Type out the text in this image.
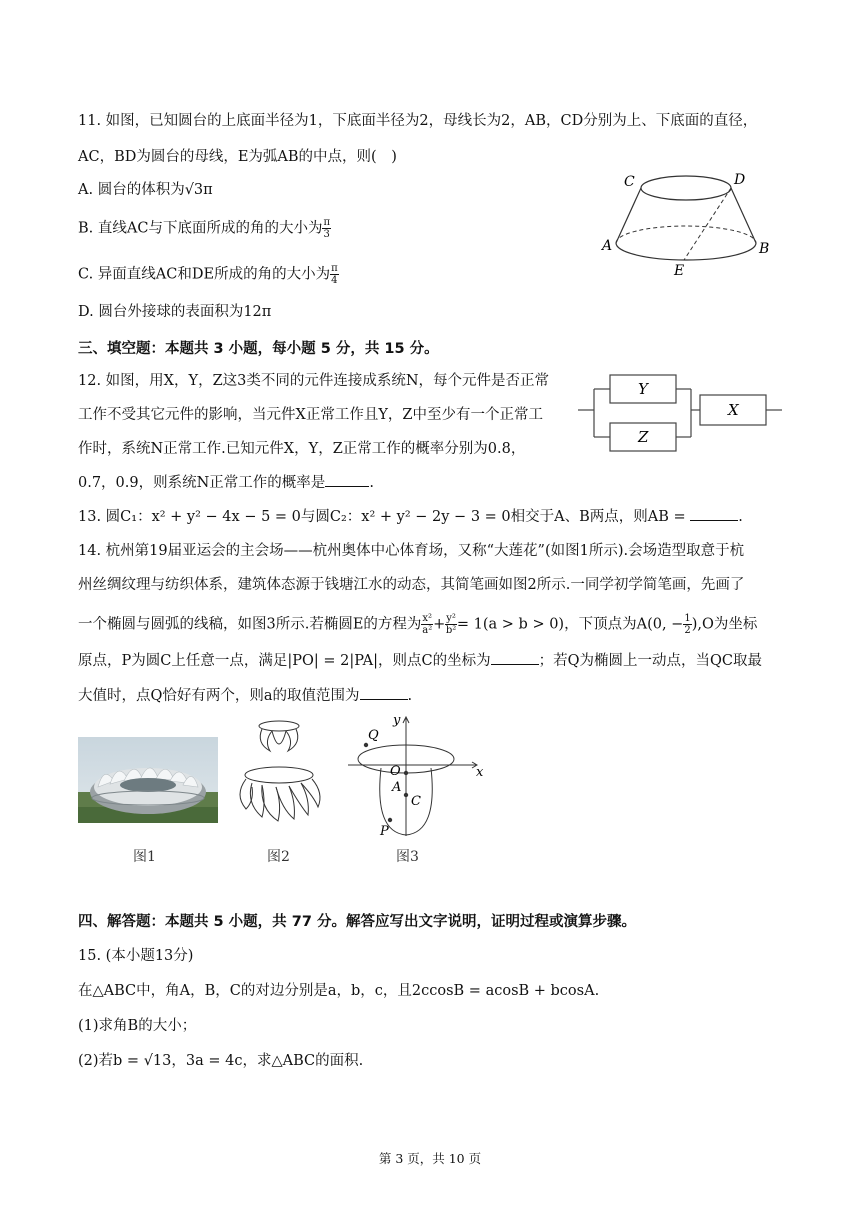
11. 如图，已知圆台的上底面半径为1，下底面半径为2，母线长为2，AB，CD分别为上、下底面的直径，
AC，BD为圆台的母线，E为弧AB的中点，则(　)
A. 圆台的体积为√3π
B. 直线AC与下底面所成的角的大小为 $\frac{\pi}{3}$
C. 异面直线AC和DE所成的角的大小为 $\frac{\pi}{4}$
D. 圆台外接球的表面积为12π
C	D
A	B
E
三、填空题：本题共 3 小题，每小题 5 分，共 15 分。
12. 如图，用X，Y，Z这3类不同的元件连接成系统N，每个元件是否正常
工作不受其它元件的影响，当元件X正常工作且Y，Z中至少有一个正常工
作时，系统N正常工作.已知元件X，Y，Z正常工作的概率分别为0.8，
0.7，0.9，则系统N正常工作的概率是	.
Y
Z
X
13. 圆C₁：x² + y² − 4x − 5 = 0与圆C₂：x² + y² − 2y − 3 = 0相交于A、B两点，则AB =	.
14. 杭州第19届亚运会的主会场——杭州奥体中心体育场，又称“大莲花”(如图1所示).会场造型取意于杭
州丝绸纹理与纺织体系，建筑体态源于钱塘江水的动态，其简笔画如图2所示.一同学初学简笔画，先画了
一个椭圆与圆弧的线稿，如图3所示.若椭圆E的方程为 $\frac{\text{x²}}{\text{a²}} + \frac{\text{y²}}{\text{b²}} = 1(a > b > 0)$，下顶点为A(0, − $\frac{1}{2} ),O$为坐标
原点，P为圆C上任意一点，满足|PO| = 2|PA|，则点C的坐标为	；若Q为椭圆上一动点，当QC取最
大值时，点Q恰好有两个，则a的取值范围为	.
图1	图2
y
x
Q
O
A
C
P
图3
四、解答题：本题共 5 小题，共 77 分。解答应写出文字说明，证明过程或演算步骤。
15. (本小题13分)
在△ABC中，角A，B，C的对边分别是a，b，c，且2ccosB = acosB + bcosA.
(1)求角B的大小；
(2)若b = √13，3a = 4c，求△ABC的面积.
第 3 页，共 10 页
